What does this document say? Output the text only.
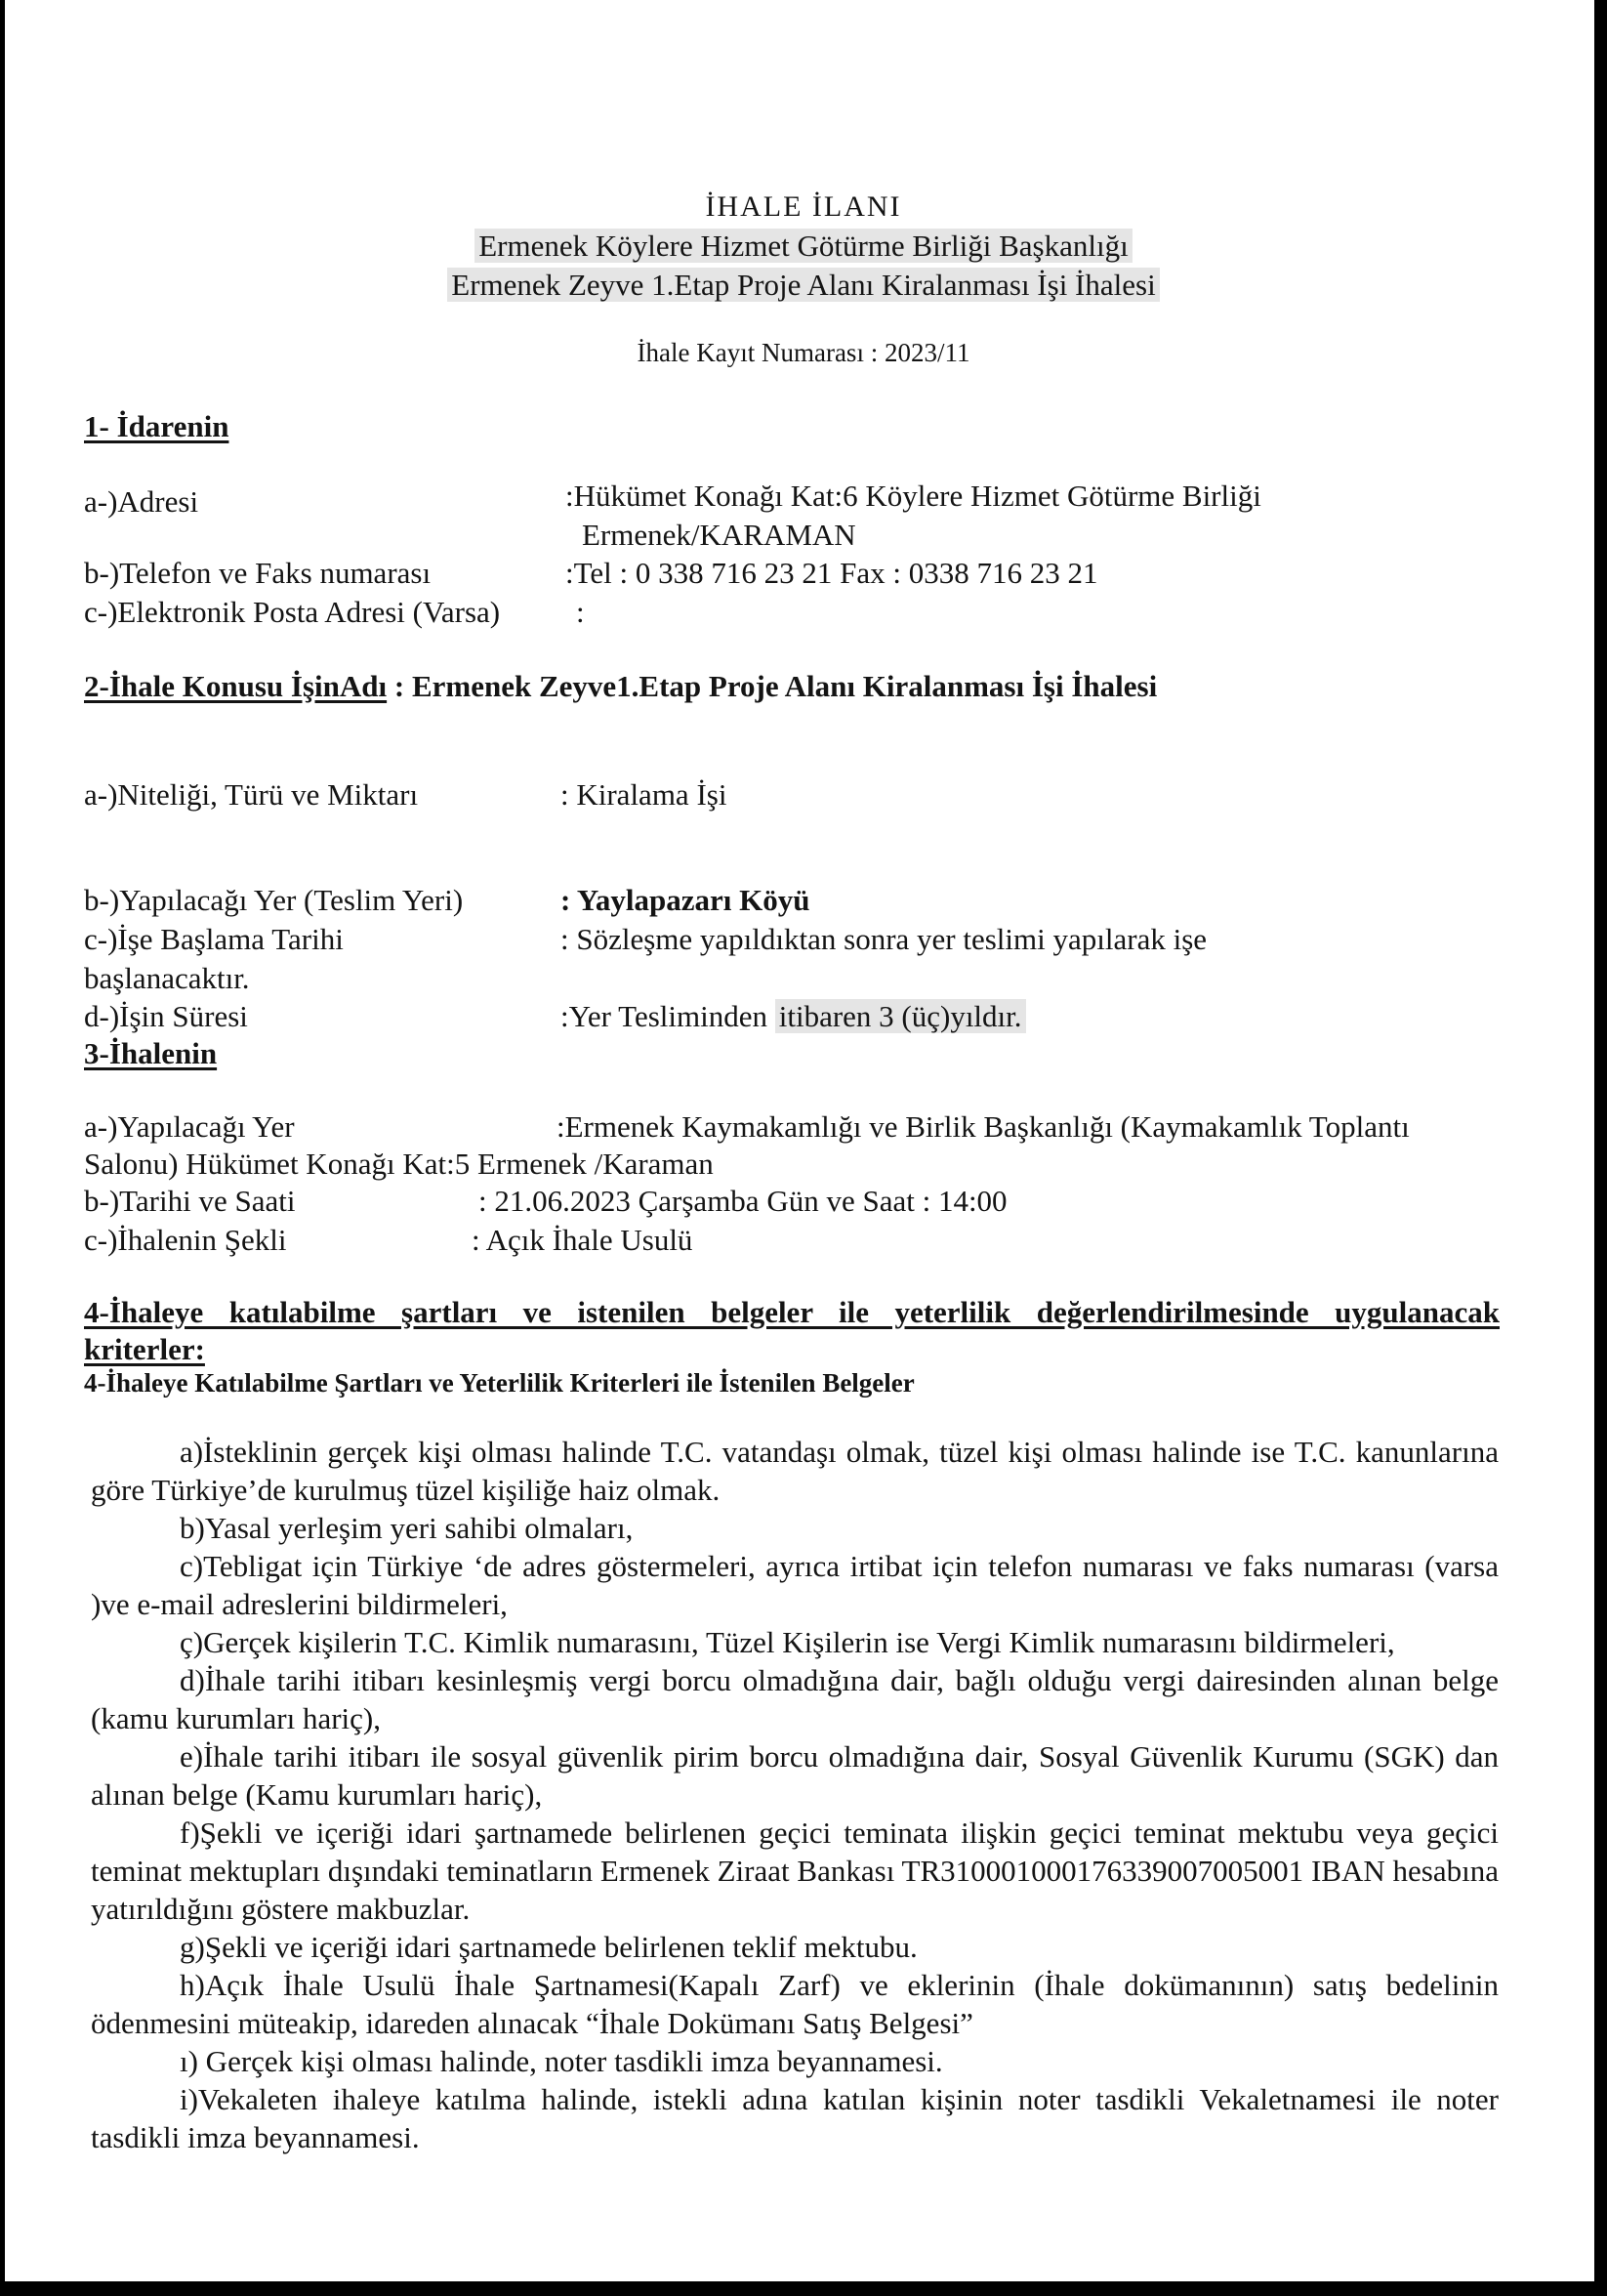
İHALE İLANI
Ermenek Köylere Hizmet Götürme Birliği Başkanlığı
Ermenek Zeyve 1.Etap Proje Alanı Kiralanması İşi İhalesi
İhale Kayıt Numarası : 2023/11
1- İdarenin
a-)Adresi	:Hükümet Konağı Kat:6 Köylere Hizmet Götürme Birliği
Ermenek/KARAMAN
b-)Telefon ve Faks numarası	:Tel : 0 338 716 23 21 Fax : 0338 716 23 21
c-)Elektronik Posta Adresi (Varsa)	:
2-İhale Konusu İşinAdı : Ermenek Zeyve1.Etap Proje Alanı Kiralanması İşi İhalesi
a-)Niteliği, Türü ve Miktarı	: Kiralama İşi
b-)Yapılacağı Yer (Teslim Yeri)	: Yaylapazarı Köyü
c-)İşe Başlama Tarihi	: Sözleşme yapıldıktan sonra yer teslimi yapılarak işe
başlanacaktır.
d-)İşin Süresi	:Yer Tesliminden itibaren 3 (üç)yıldır.
3-İhalenin
a-)Yapılacağı Yer	:Ermenek Kaymakamlığı ve Birlik Başkanlığı (Kaymakamlık Toplantı
Salonu) Hükümet Konağı Kat:5 Ermenek /Karaman
b-)Tarihi ve Saati	: 21.06.2023 Çarşamba Gün ve Saat : 14:00
c-)İhalenin Şekli	: Açık İhale Usulü
4-İhaleye katılabilme şartları ve istenilen belgeler ile yeterlilik değerlendirilmesinde uygulanacak
kriterler:
4-İhaleye Katılabilme Şartları ve Yeterlilik Kriterleri ile İstenilen Belgeler
a)İsteklinin gerçek kişi olması halinde T.C. vatandaşı olmak, tüzel kişi olması halinde ise T.C. kanunlarına göre Türkiye’de kurulmuş tüzel kişiliğe haiz olmak.
b)Yasal yerleşim yeri sahibi olmaları,
c)Tebligat için Türkiye ‘de adres göstermeleri, ayrıca irtibat için telefon numarası ve faks numarası (varsa )ve e-mail adreslerini bildirmeleri,
ç)Gerçek kişilerin T.C. Kimlik numarasını, Tüzel Kişilerin ise Vergi Kimlik numarasını bildirmeleri,
d)İhale tarihi itibarı kesinleşmiş vergi borcu olmadığına dair, bağlı olduğu vergi dairesinden alınan belge (kamu kurumları hariç),
e)İhale tarihi itibarı ile sosyal güvenlik pirim borcu olmadığına dair, Sosyal Güvenlik Kurumu (SGK) dan alınan belge (Kamu kurumları hariç),
f)Şekli ve içeriği idari şartnamede belirlenen geçici teminata ilişkin geçici teminat mektubu veya geçici teminat mektupları dışındaki teminatların Ermenek Ziraat Bankası TR310001000176339007005001 IBAN hesabına yatırıldığını göstere makbuzlar.
g)Şekli ve içeriği idari şartnamede belirlenen teklif mektubu.
h)Açık İhale Usulü İhale Şartnamesi(Kapalı Zarf) ve eklerinin (İhale dokümanının) satış bedelinin ödenmesini müteakip, idareden alınacak “İhale Dokümanı Satış Belgesi”
ı) Gerçek kişi olması halinde, noter tasdikli imza beyannamesi.
i)Vekaleten ihaleye katılma halinde, istekli adına katılan kişinin noter tasdikli Vekaletnamesi ile noter tasdikli imza beyannamesi.
